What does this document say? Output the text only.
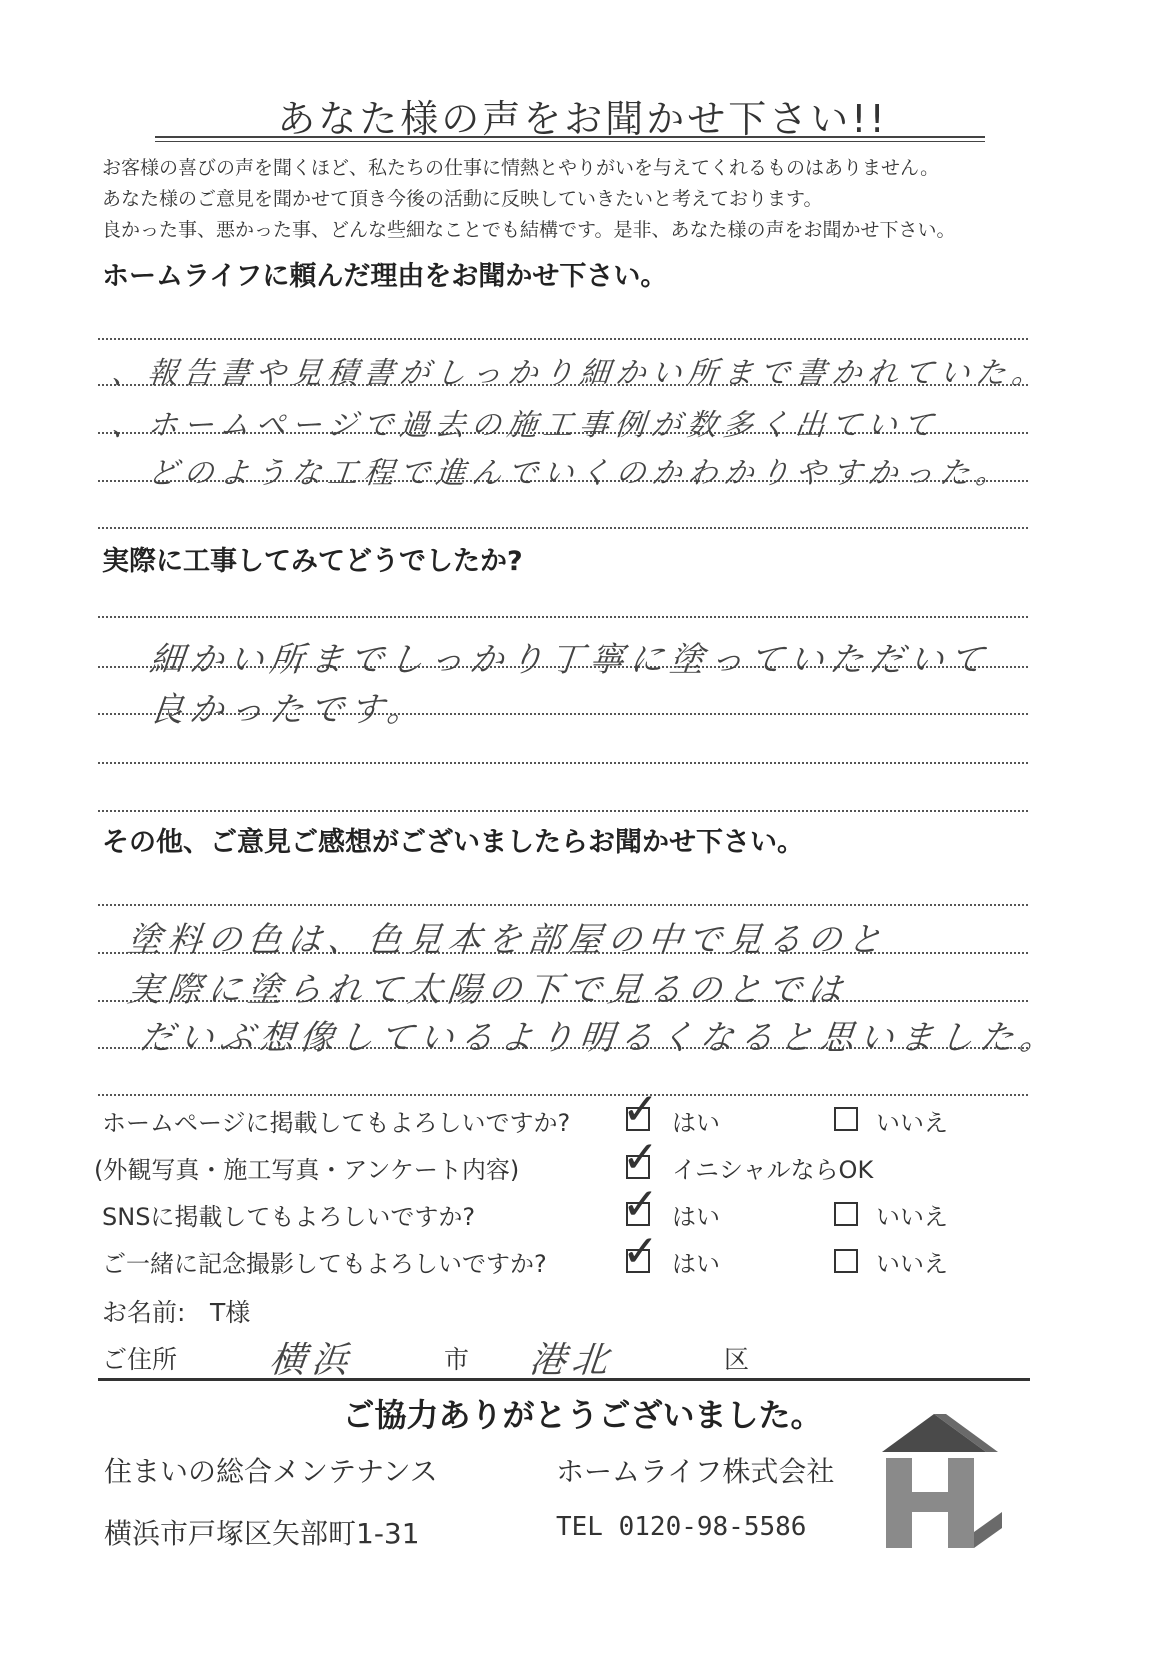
あなた様の声をお聞かせ下さい!!
お客様の喜びの声を聞くほど、私たちの仕事に情熱とやりがいを与えてくれるものはありません。
あなた様のご意見を聞かせて頂き今後の活動に反映していきたいと考えております。
良かった事、悪かった事、どんな些細なことでも結構です。是非、あなた様の声をお聞かせ下さい。
ホームライフに頼んだ理由をお聞かせ下さい。
、報告書や見積書がしっかり細かい所まで書かれていた。
、ホームページで過去の施工事例が数多く出ていて
どのような工程で進んでいくのかわかりやすかった。
実際に工事してみてどうでしたか?
細かい所までしっかり丁寧に塗っていただいて
良かったです。
その他、ご意見ご感想がございましたらお聞かせ下さい。
塗料の色は、色見本を部屋の中で見るのと
実際に塗られて太陽の下で見るのとでは
だいぶ想像しているより明るくなると思いました。
ホームページに掲載してもよろしいですか? ✓ はい	いいえ
(外観写真・施工写真・アンケート内容) ✓ イニシャルならOK
SNSに掲載してもよろしいですか?	✓ はい	いいえ
ご一緒に記念撮影してもよろしいですか? ✓ はい	いいえ
お名前: T様
ご住所	横浜	市 港北	区
ご協力ありがとうございました。
住まいの総合メンテナンス	ホームライフ株式会社
横浜市戸塚区矢部町1-31	TEL 0120-98-5586
